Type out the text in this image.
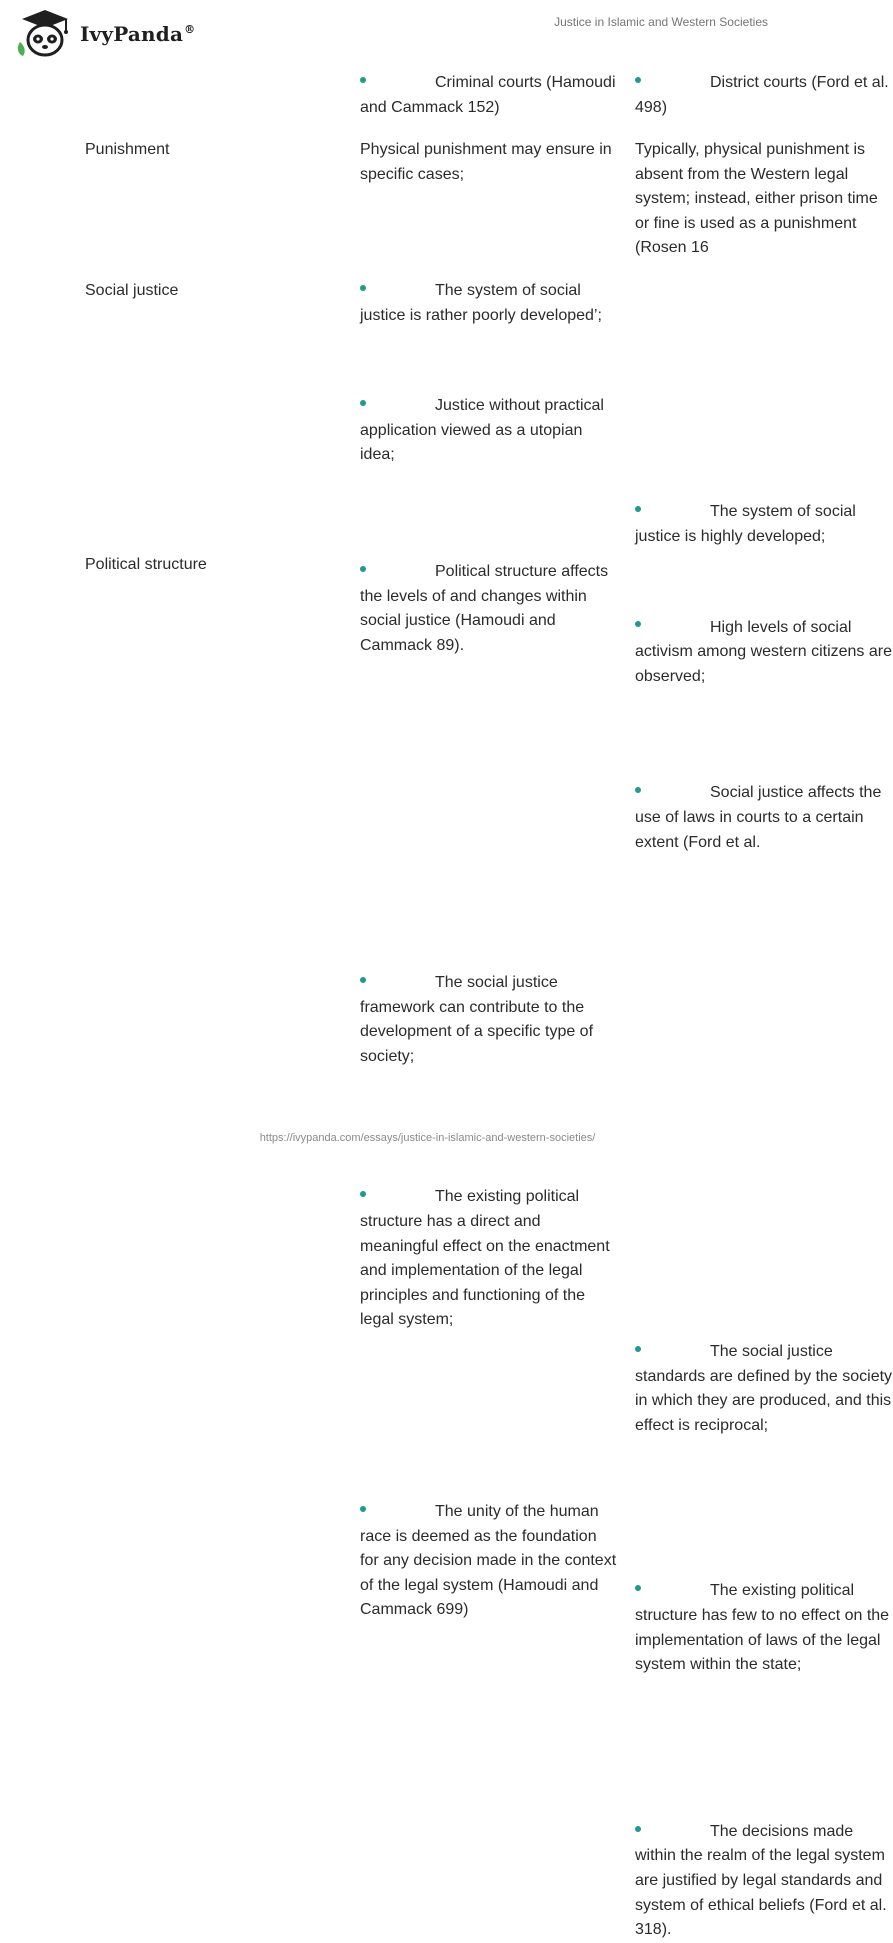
IvyPanda®
Justice in Islamic and Western Societies
Criminal courts (Hamoudi and Cammack 152)
District courts (Ford et al. 498)
Punishment	Physical punishment may ensure in specific cases;
Typically, physical punishment is absent from the Western legal system; instead, either prison time or fine is used as a punishment (Rosen 16
Social justice	The system of social justice is rather poorly developed’;
Justice without practical application viewed as a utopian idea;
Political structure affects the levels of and changes within social justice (Hamoudi and Cammack 89).
The system of social justice is highly developed;
High levels of social activism among western citizens are observed;
Social justice affects the use of laws in courts to a certain extent (Ford et al.
Political structure
The social justice framework can contribute to the development of a specific type of society;
The existing political structure has a direct and meaningful effect on the enactment and implementation of the legal principles and functioning of the legal system;
The unity of the human race is deemed as the foundation for any decision made in the context of the legal system (Hamoudi and Cammack 699)
The social justice standards are defined by the society in which they are produced, and this effect is reciprocal;
The existing political structure has few to no effect on the implementation of laws of the legal system within the state;
The decisions made within the realm of the legal system are justified by legal standards and system of ethical beliefs (Ford et al. 318).
https://ivypanda.com/essays/justice-in-islamic-and-western-societies/
